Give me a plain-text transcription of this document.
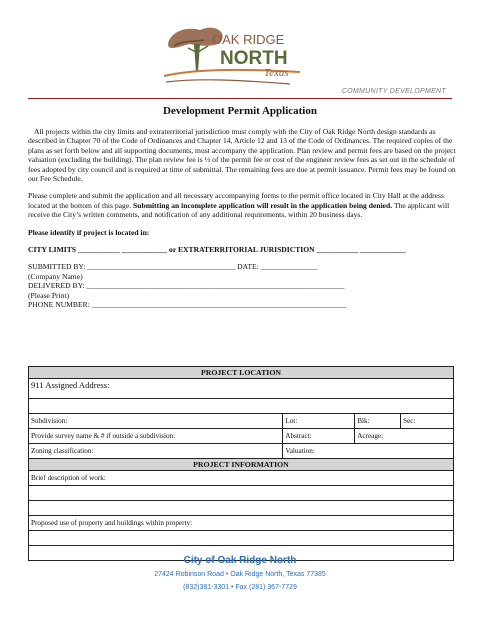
OAK RIDGE
NORTH
Texas
COMMUNITY DEVELOPMENT
Development Permit Application

All projects within the city limits and extraterritorial jurisdiction must comply with the City of Oak Ridge North design standards as described in Chapter 70 of the Code of Ordinances and Chapter 14, Article 12 and 13 of the Code of Ordinances. The required copies of the plans as set forth below and all supporting documents, must accompany the application. Plan review and permit fees are based on the project valuation (excluding the building). The plan review fee is ⅓ of the permit fee or cost of the engineer review fees as set out in the schedule of fees adopted by city council and is required at time of submittal. The remaining fees are due at permit issuance. Permit fees may be found on our Fee Schedule.

Please complete and submit the application and all necessary accompanying forms to the permit office located in City Hall at the address located at the bottom of this page. Submitting an incomplete application will result in the application being denied. The applicant will receive the City’s written comments, and notification of any additional requirements, within 20 business days.

Please identify if project is located in:

CITY LIMITS ___________ ____________ or EXTRATERRITORIAL JURISDICTION ___________ ____________

SUBMITTED BY: _______________________________________ DATE: _______________

(Company Name)

DELIVERED BY: ____________________________________________________________________

(Please Print)

PHONE NUMBER: ___________________________________________________________________

PROJECT LOCATION			
911 Assigned Address:			

Subdivision:	Lot:	Blk:	Sec:
Provide survey name & # if outside a subdivision:	Abstract:	Acreage:	
Zoning classification:	Valuation:		
PROJECT INFORMATION			
Brief description of work:			

Proposed use of property and buildings within property:			

City of Oak Ridge North
27424 Robinson Road • Oak Ridge North, Texas 77385
(832)381-3301 • Fax (281) 367-7729
